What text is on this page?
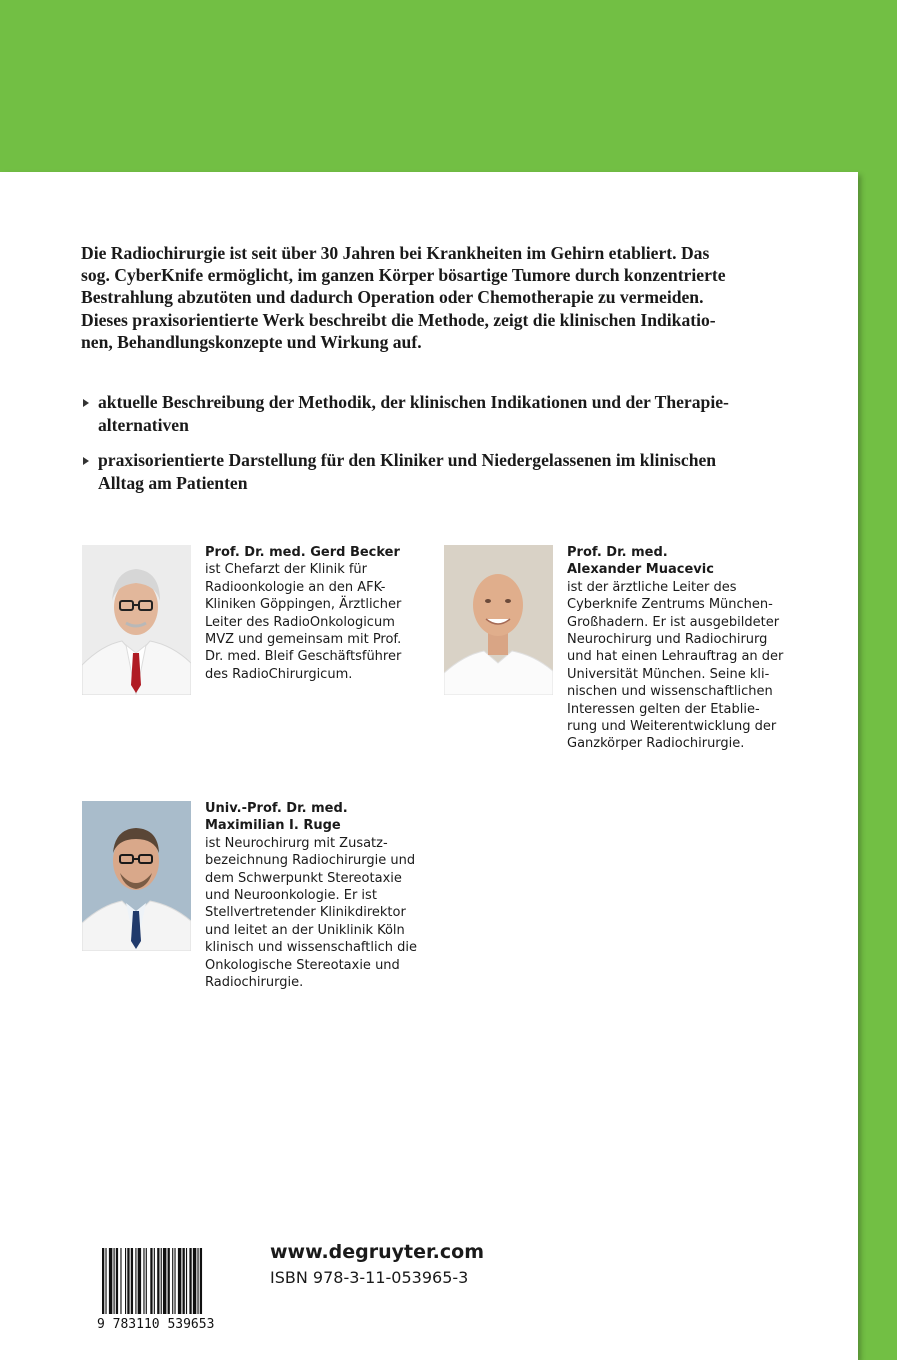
Die Radiochirurgie ist seit über 30 Jahren bei Krankheiten im Gehirn etabliert. Das
sog. CyberKnife ermöglicht, im ganzen Körper bösartige Tumore durch konzentrierte
Bestrahlung abzutöten und dadurch Operation oder Chemotherapie zu vermeiden.
Dieses praxisorientierte Werk beschreibt die Methode, zeigt die klinischen Indikatio-
nen, Behandlungskonzepte und Wirkung auf.

aktuelle Beschreibung der Methodik, der klinischen Indikationen und der Therapie-
alternativen
praxisorientierte Darstellung für den Kliniker und Niedergelassenen im klinischen
Alltag am Patienten
Prof. Dr. med. Gerd Becker
ist Chefarzt der Klinik für
Radioonkologie an den AFK-
Kliniken Göppingen, Ärztlicher
Leiter des RadioOnkologicum
MVZ und gemeinsam mit Prof.
Dr. med. Bleif Geschäftsführer
des RadioChirurgicum.
Prof. Dr. med.
Alexander Muacevic
ist der ärztliche Leiter des
Cyberknife Zentrums München-
Großhadern. Er ist ausgebildeter
Neurochirurg und Radiochirurg
und hat einen Lehrauftrag an der
Universität München. Seine kli-
nischen und wissenschaftlichen
Interessen gelten der Etablie-
rung und Weiterentwicklung der
Ganzkörper Radiochirurgie.
Univ.-Prof. Dr. med.
Maximilian I. Ruge
ist Neurochirurg mit Zusatz-
bezeichnung Radiochirurgie und
dem Schwerpunkt Stereotaxie
und Neuroonkologie. Er ist
Stellvertretender Klinikdirektor
und leitet an der Uniklinik Köln
klinisch und wissenschaftlich die
Onkologische Stereotaxie und
Radiochirurgie.
9 783110 539653
www.degruyter.com
ISBN 978-3-11-053965-3
